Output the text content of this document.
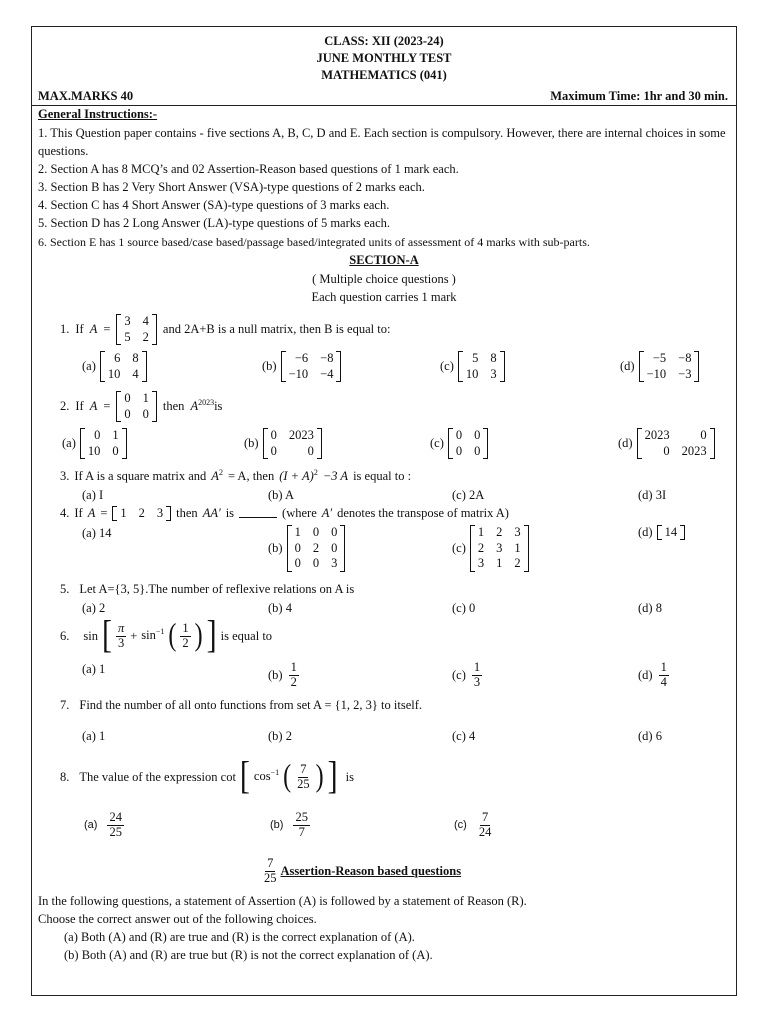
CLASS: XII (2023-24)
JUNE MONTHLY TEST
MATHEMATICS (041)
MAX.MARKS 40	Maximum Time: 1hr and 30 min.
General Instructions:-
1. This Question paper contains - five sections A, B, C, D and E. Each section is compulsory. However, there are internal choices in some questions.
2. Section A has 8 MCQ’s and 02 Assertion-Reason based questions of 1 mark each.
3. Section B has 2 Very Short Answer (VSA)-type questions of 2 marks each.
4. Section C has 4 Short Answer (SA)-type questions of 3 marks each.
5. Section D has 2 Long Answer (LA)-type questions of 5 marks each.
6. Section E has 1 source based/case based/passage based/integrated units of assessment of 4 marks with sub-parts.
SECTION-A
( Multiple choice questions )
Each question carries 1 mark
1. If A =
3 4
5 2
and 2A+B is a null matrix, then B is equal to:
(a)
6 8
10 4
(b)
−6 −8
−10 −4
(c)
5 8
10 3
(d)
−5 −8
−10 −3
2. If A =
0 1
0 0
then $A^{2023}is$
(a)
0 1
10 0
(b)
0 2023
0	0
(c)
0 0
0 0
(d)
2023	0
0 2023
3. If A is a square matrix and $A^2 = A$, then $(I + A)^2 -3$ A is equal to :
(a) I	(b) A	(c) 2A	(d) 3I
4. If A = 1 2 3 then AA′ is	(where A′ denotes the transpose of matrix A)
(a) 14
(b)
1 0 0
0 2 0
0 0 3
(c)
1 2 3
2 3 1
3 1 2
(d) 14
5. Let A={3, 5}.The number of reflexive relations on A is
(a) 2	(b) 4	(c) 0	(d) 8
6. sin [ $\frac{\pi}{3} + \sin^{-1}$ ( $\frac{1}{2}$ ) ] is equal to
(a) 1	$(b) \frac{1}{2}$	$(c) \frac{1}{3}$	$(d) \frac{1}{4}$
7. Find the number of all onto functions from set A = {1, 2, 3} to itself.
(a) 1	(b) 2	(c) 4	(d) 6
8. The value of the expression cot [ $\cos^{-1}$ ( $\frac{7}{25}$ ) ] is
$(a) \frac{24}{25}$	$(b) \frac{25}{7}$	$(c) \frac{7}{24}$
$\frac{7}{25}$ Assertion-Reason based questions
In the following questions, a statement of Assertion (A) is followed by a statement of Reason (R).
Choose the correct answer out of the following choices.
(a) Both (A) and (R) are true and (R) is the correct explanation of (A).
(b) Both (A) and (R) are true but (R) is not the correct explanation of (A).
